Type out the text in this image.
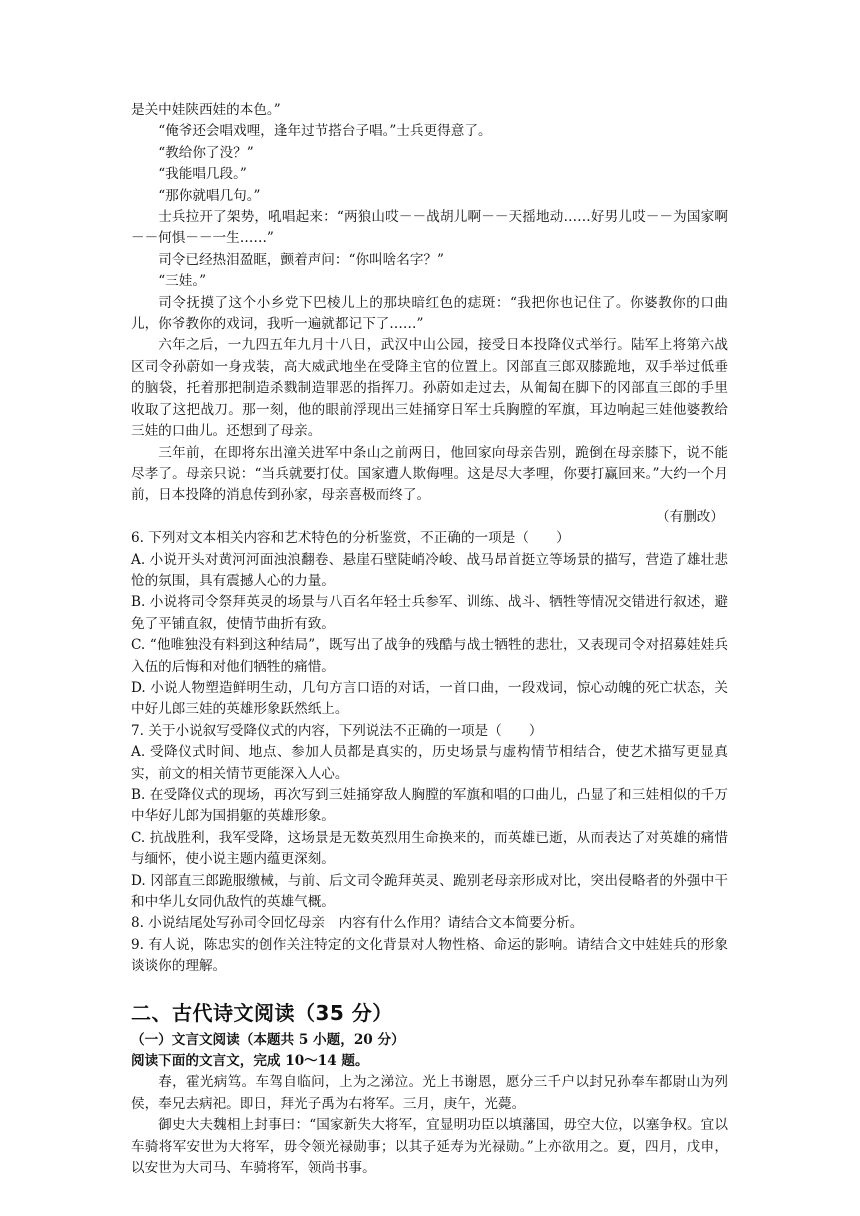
是关中娃陕西娃的本色。”

“俺爷还会唱戏哩，逢年过节搭台子唱。”士兵更得意了。

“教给你了没？”

“我能唱几段。”

“那你就唱几句。”

士兵拉开了架势，吼唱起来：“两狼山哎－－战胡儿啊－－天摇地动……好男儿哎－－为国家啊－－何惧－－一生……”

司令已经热泪盈眶，颤着声问：“你叫啥名字？”

“三娃。”

司令抚摸了这个小乡党下巴棱儿上的那块暗红色的痣斑：“我把你也记住了。你婆教你的口曲儿，你爷教你的戏词，我听一遍就都记下了……”

六年之后，一九四五年九月十八日，武汉中山公园，接受日本投降仪式举行。陆军上将第六战区司令孙蔚如一身戎装，高大威武地坐在受降主官的位置上。冈部直三郎双膝跪地，双手举过低垂的脑袋，托着那把制造杀戮制造罪恶的指挥刀。孙蔚如走过去，从匍匐在脚下的冈部直三郎的手里收取了这把战刀。那一刻，他的眼前浮现出三娃捅穿日军士兵胸膛的军旗，耳边响起三娃他婆教给三娃的口曲儿。还想到了母亲。

三年前，在即将东出潼关进军中条山之前两日，他回家向母亲告别，跪倒在母亲膝下，说不能尽孝了。母亲只说：“当兵就要打仗。国家遭人欺侮哩。这是尽大孝哩，你要打赢回来。”大约一个月前，日本投降的消息传到孙家，母亲喜极而终了。

（有删改）

6. 下列对文本相关内容和艺术特色的分析鉴赏，不正确的一项是（　　）

A. 小说开头对黄河河面浊浪翻卷、悬崖石壁陡峭冷峻、战马昂首挺立等场景的描写，营造了雄壮悲怆的氛围，具有震撼人心的力量。

B. 小说将司令祭拜英灵的场景与八百名年轻士兵参军、训练、战斗、牺牲等情况交错进行叙述，避免了平铺直叙，使情节曲折有致。

C. “他唯独没有料到这种结局”，既写出了战争的残酷与战士牺牲的悲壮，又表现司令对招募娃娃兵入伍的后悔和对他们牺牲的痛惜。

D. 小说人物塑造鲜明生动，几句方言口语的对话，一首口曲，一段戏词，惊心动魄的死亡状态，关中好儿郎三娃的英雄形象跃然纸上。

7. 关于小说叙写受降仪式的内容，下列说法不正确的一项是（　　）

A. 受降仪式时间、地点、参加人员都是真实的，历史场景与虚构情节相结合，使艺术描写更显真实，前文的相关情节更能深入人心。

B. 在受降仪式的现场，再次写到三娃捅穿敌人胸膛的军旗和唱的口曲儿，凸显了和三娃相似的千万中华好儿郎为国捐躯的英雄形象。

C. 抗战胜利，我军受降，这场景是无数英烈用生命换来的，而英雄已逝，从而表达了对英雄的痛惜与缅怀，使小说主题内蕴更深刻。

D. 冈部直三郎跪服缴械，与前、后文司令跪拜英灵、跪别老母亲形成对比，突出侵略者的外强中干和中华儿女同仇敌忾的英雄气概。

8. 小说结尾处写孙司令回忆母亲　内容有什么作用？请结合文本简要分析。

9. 有人说，陈忠实的创作关注特定的文化背景对人物性格、命运的影响。请结合文中娃娃兵的形象谈谈你的理解。

二、古代诗文阅读（35 分）

（一）文言文阅读（本题共 5 小题，20 分）

阅读下面的文言文，完成 10～14 题。

春，霍光病笃。车驾自临问，上为之涕泣。光上书谢恩，愿分三千户以封兄孙奉车都尉山为列侯，奉兄去病祀。即日，拜光子禹为右将军。三月，庚午，光薨。

御史大夫魏相上封事曰：“国家新失大将军，宜显明功臣以填藩国，毋空大位，以塞争权。宜以车骑将军安世为大将军，毋令领光禄勋事；以其子延寿为光禄勋。”上亦欲用之。夏，四月，戊申，以安世为大司马、车骑将军，领尚书事。
